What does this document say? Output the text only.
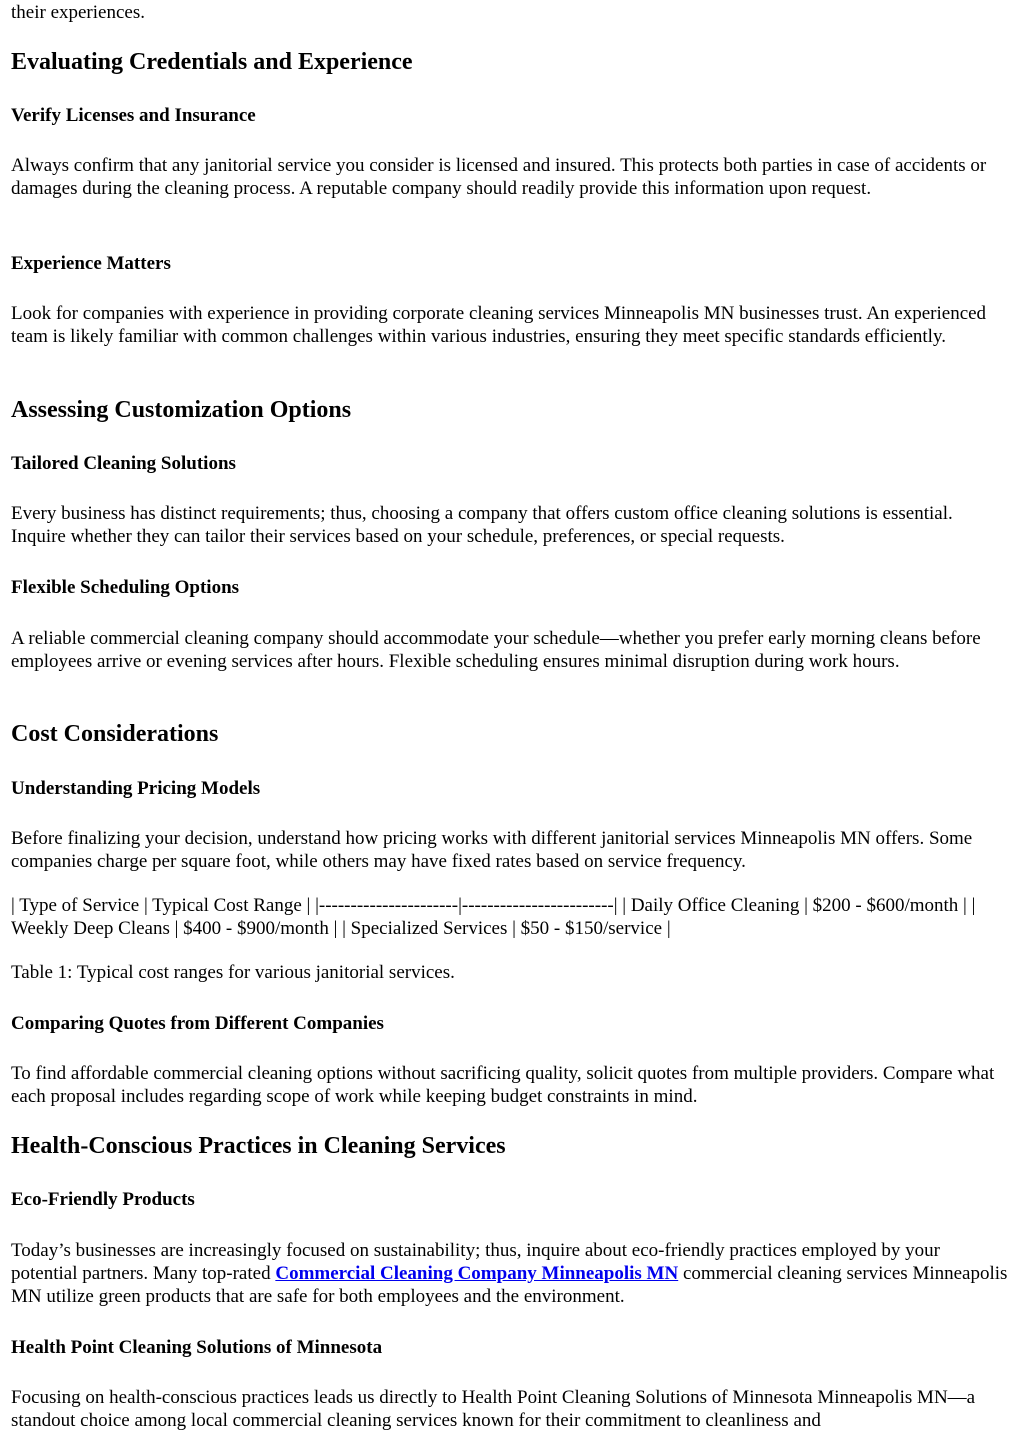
their experiences.

Evaluating Credentials and Experience
Verify Licenses and Insurance

Always confirm that any janitorial service you consider is licensed and insured. This protects both parties in case of accidents or damages during the cleaning process. A reputable company should readily provide this information upon request.

Experience Matters

Look for companies with experience in providing corporate cleaning services Minneapolis MN businesses trust. An experienced team is likely familiar with common challenges within various industries, ensuring they meet specific standards efficiently.

Assessing Customization Options
Tailored Cleaning Solutions

Every business has distinct requirements; thus, choosing a company that offers custom office cleaning solutions is essential. Inquire whether they can tailor their services based on your schedule, preferences, or special requests.

Flexible Scheduling Options

A reliable commercial cleaning company should accommodate your schedule—whether you prefer early morning cleans before employees arrive or evening services after hours. Flexible scheduling ensures minimal disruption during work hours.

Cost Considerations
Understanding Pricing Models

Before finalizing your decision, understand how pricing works with different janitorial services Minneapolis MN offers. Some companies charge per square foot, while others may have fixed rates based on service frequency.

| Type of Service | Typical Cost Range | |----------------------|------------------------| | Daily Office Cleaning | $200 - $600/month | | Weekly Deep Cleans | $400 - $900/month | | Specialized Services | $50 - $150/service |

Table 1: Typical cost ranges for various janitorial services.

Comparing Quotes from Different Companies

To find affordable commercial cleaning options without sacrificing quality, solicit quotes from multiple providers. Compare what each proposal includes regarding scope of work while keeping budget constraints in mind.

Health-Conscious Practices in Cleaning Services
Eco-Friendly Products

Today’s businesses are increasingly focused on sustainability; thus, inquire about eco-friendly practices employed by your potential partners. Many top-rated Commercial Cleaning Company Minneapolis MN commercial cleaning services Minneapolis MN utilize green products that are safe for both employees and the environment.

Health Point Cleaning Solutions of Minnesota

Focusing on health-conscious practices leads us directly to Health Point Cleaning Solutions of Minnesota Minneapolis MN—a standout choice among local commercial cleaning services known for their commitment to cleanliness and
